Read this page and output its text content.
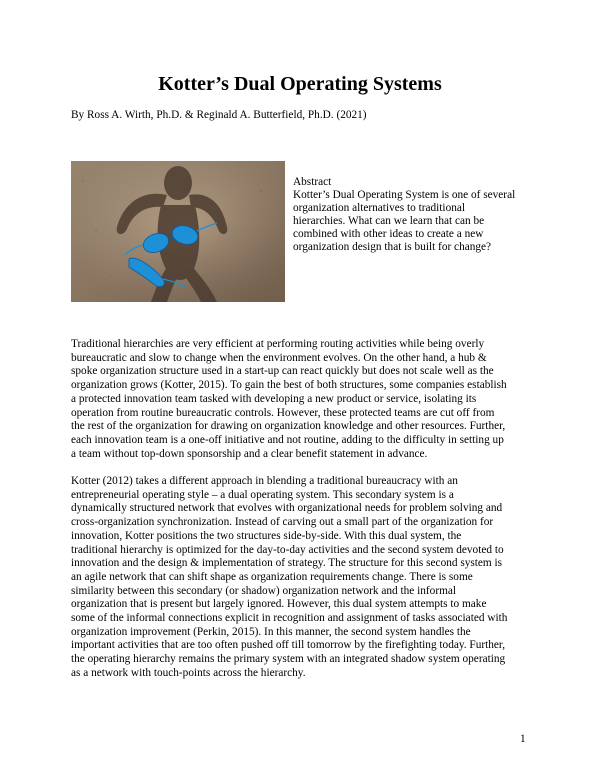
Kotter’s Dual Operating Systems
By Ross A. Wirth, Ph.D. & Reginald A. Butterfield, Ph.D. (2021)

Abstract

Kotter’s Dual Operating System is one of several
organization alternatives to traditional
hierarchies. What can we learn that can be
combined with other ideas to create a new
organization design that is built for change?

Traditional hierarchies are very efficient at performing routing activities while being overly
bureaucratic and slow to change when the environment evolves. On the other hand, a hub &
spoke organization structure used in a start-up can react quickly but does not scale well as the
organization grows (Kotter, 2015). To gain the best of both structures, some companies establish
a protected innovation team tasked with developing a new product or service, isolating its
operation from routine bureaucratic controls. However, these protected teams are cut off from
the rest of the organization for drawing on organization knowledge and other resources. Further,
each innovation team is a one-off initiative and not routine, adding to the difficulty in setting up
a team without top-down sponsorship and a clear benefit statement in advance.
Kotter (2012) takes a different approach in blending a traditional bureaucracy with an
entrepreneurial operating style – a dual operating system. This secondary system is a
dynamically structured network that evolves with organizational needs for problem solving and
cross-organization synchronization. Instead of carving out a small part of the organization for
innovation, Kotter positions the two structures side-by-side. With this dual system, the
traditional hierarchy is optimized for the day-to-day activities and the second system devoted to
innovation and the design & implementation of strategy. The structure for this second system is
an agile network that can shift shape as organization requirements change. There is some
similarity between this secondary (or shadow) organization network and the informal
organization that is present but largely ignored. However, this dual system attempts to make
some of the informal connections explicit in recognition and assignment of tasks associated with
organization improvement (Perkin, 2015). In this manner, the second system handles the
important activities that are too often pushed off till tomorrow by the firefighting today. Further,
the operating hierarchy remains the primary system with an integrated shadow system operating
as a network with touch-points across the hierarchy.
1
